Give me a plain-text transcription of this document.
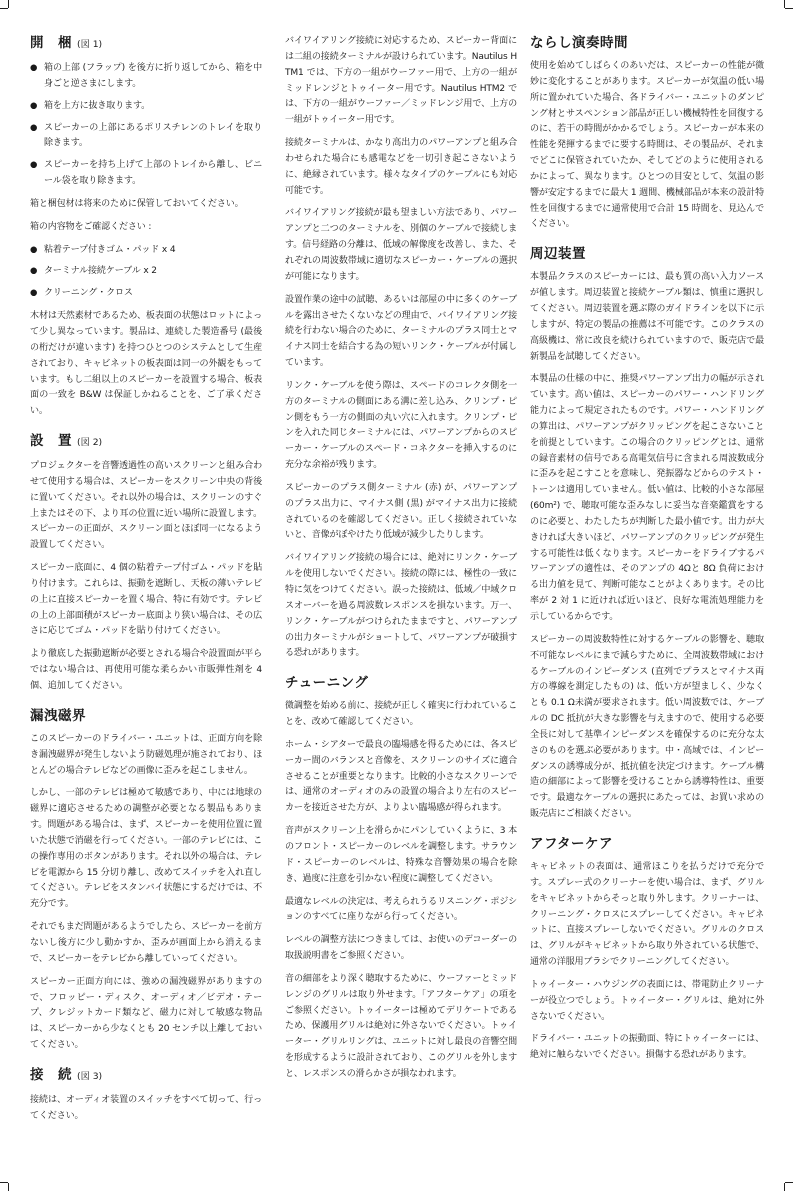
開　梱 (図 1)
● 箱の上部 (フラップ) を後方に折り返してから、箱を中身ごと逆さまにします。
● 箱を上方に抜き取ります。
● スピーカーの上部にあるポリスチレンのトレイを取り除きます。
● スピーカーを持ち上げて上部のトレイから離し、ビニール袋を取り除きます。

箱と梱包材は将来のために保管しておいてください。

箱の内容物をご確認ください :

● 粘着テープ付きゴム・パッド x 4
● ターミナル接続ケーブル x 2
● クリーニング・クロス

木材は天然素材であるため、板表面の状態はロットによって少し異なっています。製品は、連続した製造番号 (最後の桁だけが違います) を持つひとつのシステムとして生産されており、キャビネットの板表面は同一の外観をもっています。もし二組以上のスピーカーを設置する場合、板表面の一致を B&W は保証しかねることを、ご了承ください。

設　置 (図 2)

プロジェクターを音響透過性の高いスクリーンと組み合わせて使用する場合は、スピーカーをスクリーン中央の背後に置いてください。それ以外の場合は、スクリーンのすぐ上またはその下、より耳の位置に近い場所に設置します。スピーカーの正面が、スクリーン面とほぼ同一になるよう設置してください。

スピーカー底面に、4 個の粘着テープ付ゴム・パッドを貼り付けます。これらは、振動を遮断し、天板の薄いテレビの上に直接スピーカーを置く場合、特に有効です。テレビの上の上部面積がスピーカー底面より狭い場合は、その広さに応じてゴム・パッドを貼り付けてください。

より徹底した振動遮断が必要とされる場合や設置面が平らではない場合は、再使用可能な柔らかい市販弾性剤を 4 個、追加してください。

漏洩磁界

このスピーカーのドライバー・ユニットは、正面方向を除き漏洩磁界が発生しないよう防磁処理が施されており、ほとんどの場合テレビなどの画像に歪みを起こしません。

しかし、一部のテレビは極めて敏感であり、中には地球の磁界に適応させるための調整が必要となる製品もあります。問題がある場合は、まず、スピーカーを使用位置に置いた状態で消磁を行ってください。一部のテレビには、この操作専用のボタンがあります。それ以外の場合は、テレビを電源から 15 分切り離し、改めてスイッチを入れ直してください。テレビをスタンバイ状態にするだけでは、不充分です。

それでもまだ問題があるようでしたら、スピーカーを前方ないし後方に少し動かすか、歪みが画面上から消えるまで、スピーカーをテレビから離していってください。

スピーカー正面方向には、強めの漏洩磁界がありますので、フロッピー・ディスク、オーディオ／ビデオ・テープ、クレジットカード類など、磁力に対して敏感な物品は、スピーカーから少なくとも 20 センチ以上離しておいてください。

接　続 (図 3)

接続は、オーディオ装置のスイッチをすべて切って、行ってください。

バイワイアリング接続に対応するため、スピーカー背面には二組の接続ターミナルが設けられています。Nautilus HTM1 では、下方の一組がウーファー用で、上方の一組がミッドレンジとトゥイーター用です。Nautilus HTM2 では、下方の一組がウーファー／ミッドレンジ用で、上方の一組がトゥイーター用です。

接続ターミナルは、かなり高出力のパワーアンプと組み合わせられた場合にも感電などを一切引き起こさないように、絶縁されています。様々なタイプのケーブルにも対応可能です。

バイワイアリング接続が最も望ましい方法であり、パワーアンプと二つのターミナルを、別個のケーブルで接続します。信号経路の分離は、低域の解像度を改善し、また、それぞれの周波数帯域に適切なスピーカー・ケーブルの選択が可能になります。

設置作業の途中の試聴、あるいは部屋の中に多くのケーブルを露出させたくないなどの理由で、バイワイアリング接続を行わない場合のために、ターミナルのプラス同士とマイナス同士を結合する為の短いリンク・ケーブルが付属しています。

リンク・ケーブルを使う際は、スペードのコレクタ側を一方のターミナルの側面にある溝に差し込み、クリンプ・ピン側をもう一方の側面の丸い穴に入れます。クリンプ・ピンを入れた同じターミナルには、パワーアンプからのスピーカー・ケーブルのスペード・コネクターを挿入するのに充分な余裕が残ります。

スピーカーのプラス側ターミナル (赤) が、パワーアンプのプラス出力に、マイナス側 (黒) がマイナス出力に接続されているのを確認してください。正しく接続されていないと、音像がぼやけたり低域が減少したりします。

バイワイアリング接続の場合には、絶対にリンク・ケーブルを使用しないでください。接続の際には、極性の一致に特に気をつけてください。誤った接続は、低域／中域クロスオーバーを過る周波数レスポンスを損ないます。万一、リンク・ケーブルがつけられたままですと、パワーアンプの出力ターミナルがショートして、パワーアンプが破損する恐れがあります。

チューニング

微調整を始める前に、接続が正しく確実に行われていることを、改めて確認してください。

ホーム・シアターで最良の臨場感を得るためには、各スピーカー間のバランスと音像を、スクリーンのサイズに適合させることが重要となります。比較的小さなスクリーンでは、通常のオーディオのみの設置の場合より左右のスピーカーを接近させた方が、よりよい臨場感が得られます。

音声がスクリーン上を滑らかにパンしていくように、3 本のフロント・スピーカーのレベルを調整します。サラウンド・スピーカーのレベルは、特殊な音響効果の場合を除き、過度に注意を引かない程度に調整してください。

最適なレベルの決定は、考えられうるリスニング・ポジションのすべてに座りながら行ってください。

レベルの調整方法につきましては、お使いのデコーダーの取扱説明書をご参照ください。

音の細部をより深く聴取するために、ウーファーとミッドレンジのグリルは取り外せます。「アフターケア」の項をご参照ください。トゥイーターは極めてデリケートであるため、保護用グリルは絶対に外さないでください。トゥイーター・グリルリングは、ユニットに対し最良の音響空間を形成するように設計されており、このグリルを外しますと、レスポンスの滑らかさが損なわれます。

ならし演奏時間

使用を始めてしばらくのあいだは、スピーカーの性能が微妙に変化することがあります。スピーカーが気温の低い場所に置かれていた場合、各ドライバー・ユニットのダンピング材とサスペンション部品が正しい機械特性を回復するのに、若干の時間がかかるでしょう。スピーカーが本来の性能を発揮するまでに要する時間は、その製品が、それまでどこに保管されていたか、そしてどのように使用されるかによって、異なります。ひとつの目安として、気温の影響が安定するまでに最大 1 週間、機械部品が本来の設計特性を回復するまでに通常使用で合計 15 時間を、見込んでください。

周辺装置

本製品クラスのスピーカーには、最も質の高い入力ソースが値します。周辺装置と接続ケーブル類は、慎重に選択してください。周辺装置を選ぶ際のガイドラインを以下に示しますが、特定の製品の推薦は不可能です。このクラスの高級機は、常に改良を続けられていますので、販売店で最新製品を試聴してください。

本製品の仕様の中に、推奨パワーアンプ出力の幅が示されています。高い値は、スピーカーのパワー・ハンドリング能力によって規定されたものです。パワー・ハンドリングの算出は、パワーアンプがクリッピングを起こさないことを前提としています。この場合のクリッピングとは、通常の録音素材の信号である高電気信号に含まれる周波数成分に歪みを起こすことを意味し、発振器などからのテスト・トーンは適用していません。低い値は、比較的小さな部屋 (60m²) で、聴取可能な歪みなしに妥当な音楽鑑賞をするのに必要と、わたしたちが判断した最小値です。出力が大きければ大きいほど、パワーアンプのクリッピングが発生する可能性は低くなります。スピーカーをドライブするパワーアンプの適性は、そのアンプの 4Ωと 8Ω 負荷における出力値を見て、判断可能なことがよくあります。その比率が 2 対 1 に近ければ近いほど、良好な電流処理能力を示しているからです。

スピーカーの周波数特性に対するケーブルの影響を、聴取不可能なレベルにまで減らすために、全周波数帯域におけるケーブルのインピーダンス (直列でプラスとマイナス両方の導線を測定したもの) は、低い方が望ましく、少なくとも 0.1 Ω未満が要求されます。低い周波数では、ケーブルの DC 抵抗が大きな影響を与えますので、使用する必要全長に対して基準インピーダンスを確保するのに充分な太さのものを選ぶ必要があります。中・高域では、インピーダンスの誘導成分が、抵抗値を決定づけます。ケーブル構造の細部によって影響を受けることから誘導特性は、重要です。最適なケーブルの選択にあたっては、お買い求めの販売店にご相談ください。

アフターケア

キャビネットの表面は、通常ほこりを払うだけで充分です。スプレー式のクリーナーを使い場合は、まず、グリルをキャビネットからそっと取り外します。クリーナーは、クリーニング・クロスにスプレーしてください。キャビネットに、直接スプレーしないでください。グリルのクロスは、グリルがキャビネットから取り外されている状態で、通常の洋服用ブラシでクリーニングしてください。

トゥイーター・ハウジングの表面には、帯電防止クリーナーが役立つでしょう。トゥイーター・グリルは、絶対に外さないでください。

ドライバー・ユニットの振動面、特にトゥイーターには、絶対に触らないでください。損傷する恐れがあります。
